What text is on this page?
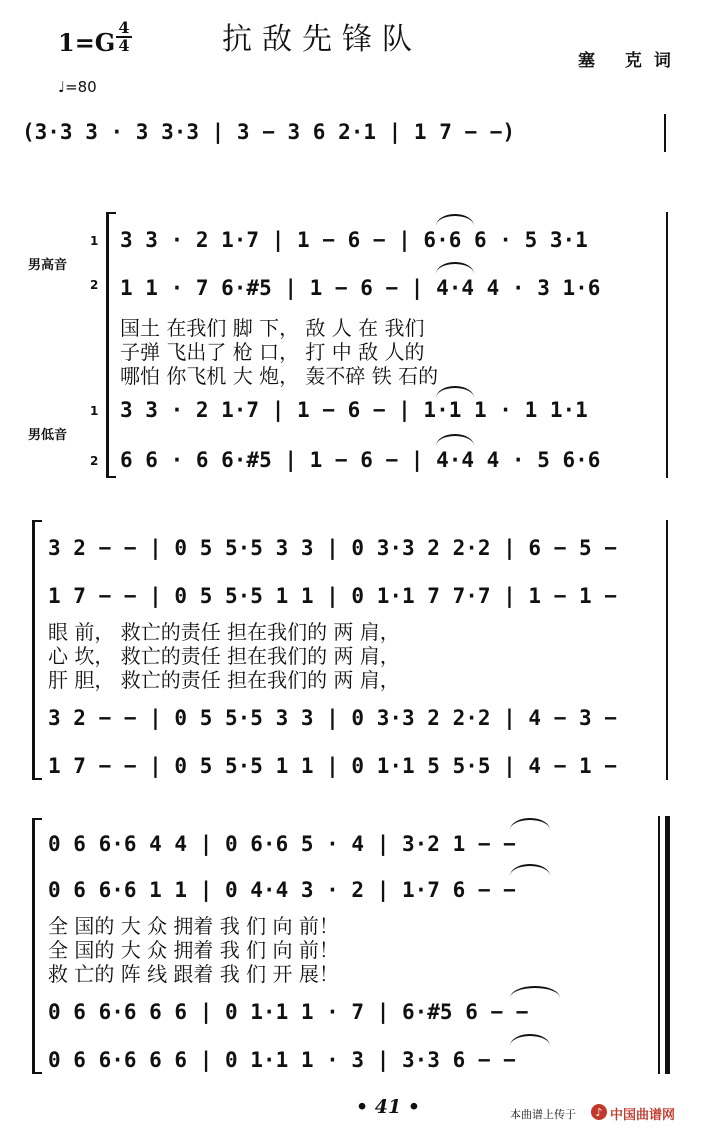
$1=G \frac{4}{4}$	抗敌先锋队
塞 克词
♩=80
(3·3 3 · 3 3·3 | 3 − 3 6 2·1 | 1 7 − −)
男高音
1
2
男低音
1
2
3 3 · 2 1·7 | 1 − 6 − | 6·6 6 · 5 3·1
1 1 · 7 6·#5 | 1 − 6 − | 4·4 4 · 3 1·6
国土 在我们 脚 下， 敌 人 在 我们
子弹 飞出了 枪 口， 打 中 敌 人的
哪怕 你飞机 大 炮， 轰不碎 铁 石的
3 3 · 2 1·7 | 1 − 6 − | 1·1 1 · 1 1·1
6 6 · 6 6·#5 | 1 − 6 − | 4·4 4 · 5 6·6
3 2 − − | 0 5 5·5 3 3 | 0 3·3 2 2·2 | 6 − 5 −
1 7 − − | 0 5 5·5 1 1 | 0 1·1 7 7·7 | 1 − 1 −
眼 前， 救亡的责任 担在我们的 两 肩，
心 坎， 救亡的责任 担在我们的 两 肩，
肝 胆， 救亡的责任 担在我们的 两 肩，
3 2 − − | 0 5 5·5 3 3 | 0 3·3 2 2·2 | 4 − 3 −
1 7 − − | 0 5 5·5 1 1 | 0 1·1 5 5·5 | 4 − 1 −
0 6 6·6 4 4 | 0 6·6 5 · 4 | 3·2 1 − −
0 6 6·6 1 1 | 0 4·4 3 · 2 | 1·7 6 − −
全 国的 大 众 拥着 我 们 向 前！
全 国的 大 众 拥着 我 们 向 前！
救 亡的 阵 线 跟着 我 们 开 展！
0 6 6·6 6 6 | 0 1·1 1 · 7 | 6·#5 6 − −
0 6 6·6 6 6 | 0 1·1 1 · 3 | 3·3 6 − −
• 41 •	本曲谱上传于 ♪ 中国曲谱网
